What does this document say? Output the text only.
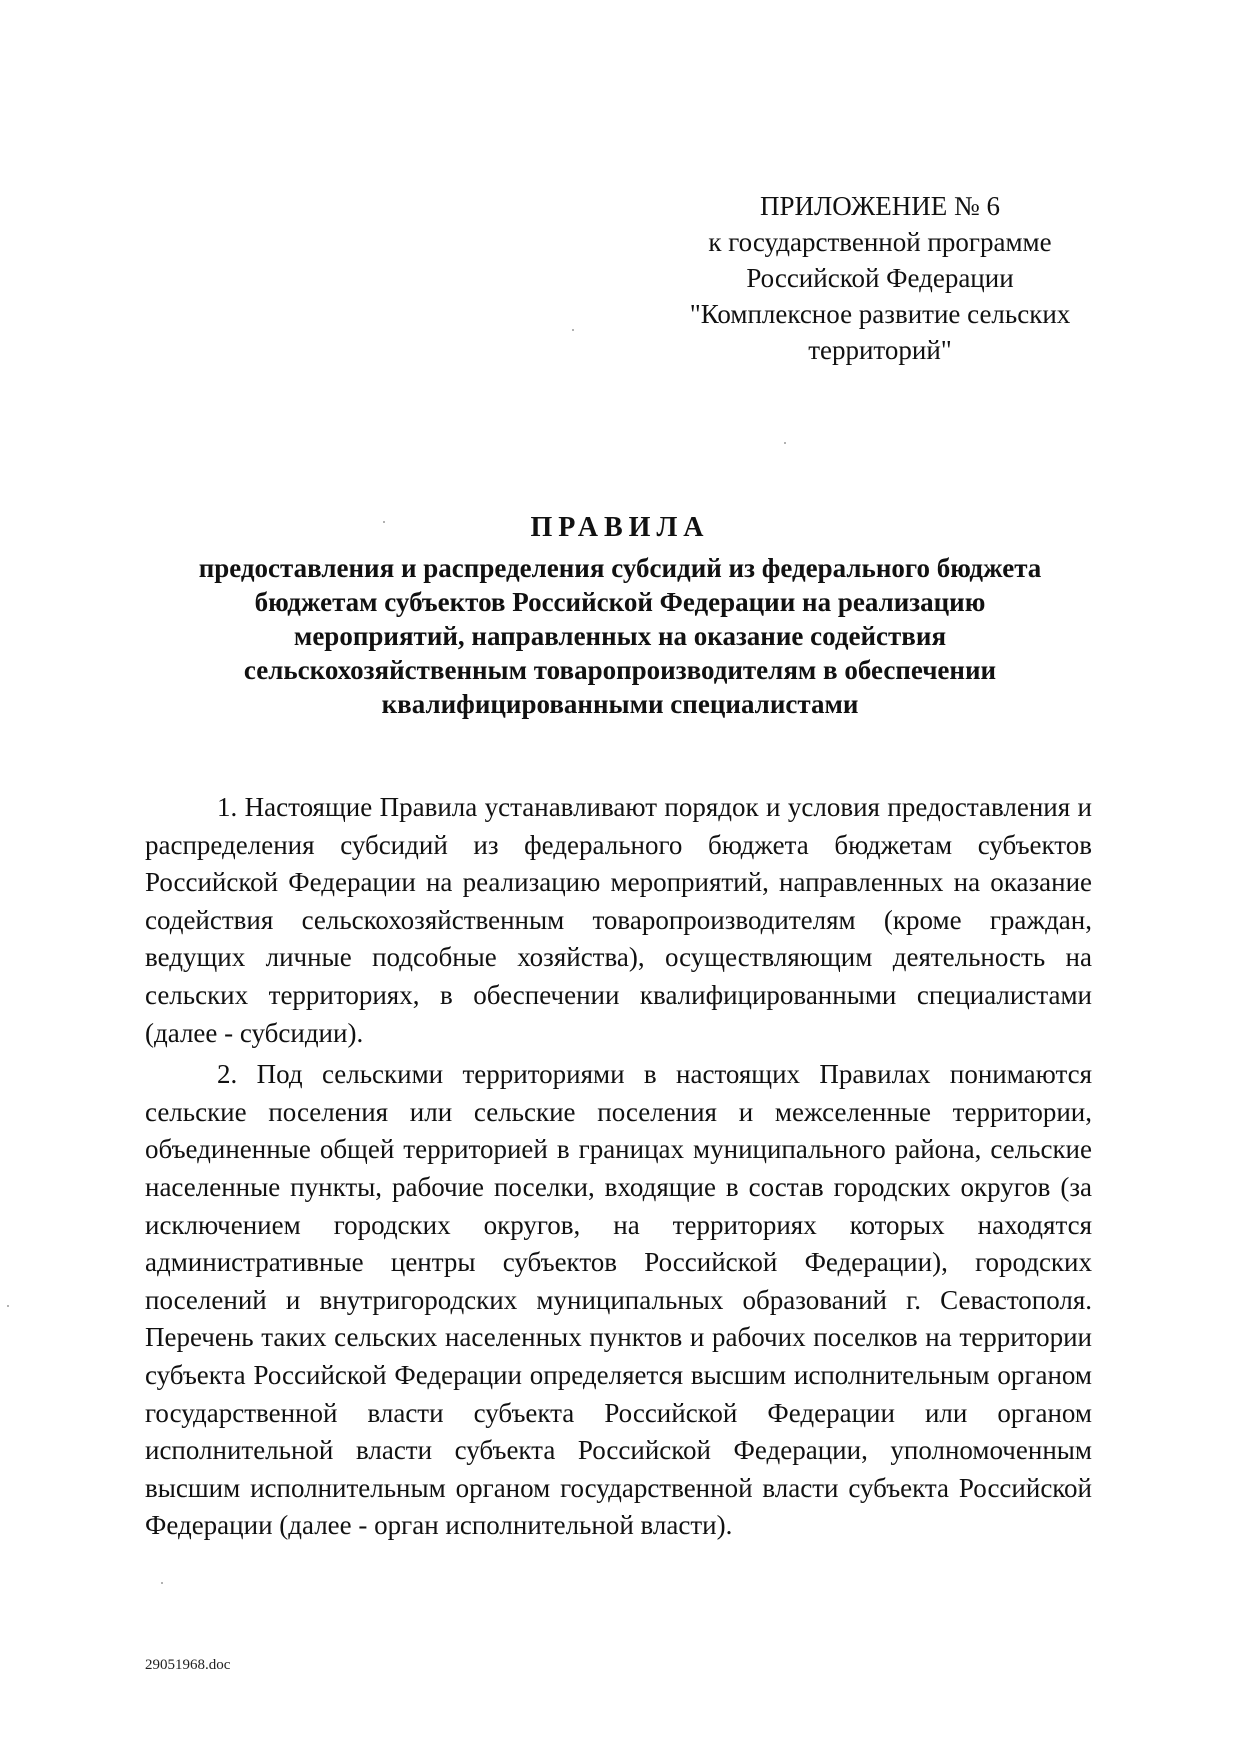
ПРИЛОЖЕНИЕ № 6
к государственной программе
Российской Федерации
"Комплексное развитие сельских
территорий"
ПРАВИЛА
предоставления и распределения субсидий из федерального бюджета
бюджетам субъектов Российской Федерации на реализацию
мероприятий, направленных на оказание содействия
сельскохозяйственным товаропроизводителям в обеспечении
квалифицированными специалистами

1. Настоящие Правила устанавливают порядок и условия предоставления и распределения субсидий из федерального бюджета бюджетам субъектов Российской Федерации на реализацию мероприятий, направленных на оказание содействия сельскохозяйственным товаропроизводителям (кроме граждан, ведущих личные подсобные хозяйства), осуществляющим деятельность на сельских территориях, в обеспечении квалифицированными специалистами (далее - субсидии).

2. Под сельскими территориями в настоящих Правилах понимаются сельские поселения или сельские поселения и межселенные территории, объединенные общей территорией в границах муниципального района, сельские населенные пункты, рабочие поселки, входящие в состав городских округов (за исключением городских округов, на территориях которых находятся административные центры субъектов Российской Федерации), городских поселений и внутригородских муниципальных образований г. Севастополя. Перечень таких сельских населенных пунктов и рабочих поселков на территории субъекта Российской Федерации определяется высшим исполнительным органом государственной власти субъекта Российской Федерации или органом исполнительной власти субъекта Российской Федерации, уполномоченным высшим исполнительным органом государственной власти субъекта Российской Федерации (далее - орган исполнительной власти).

29051968.doc
